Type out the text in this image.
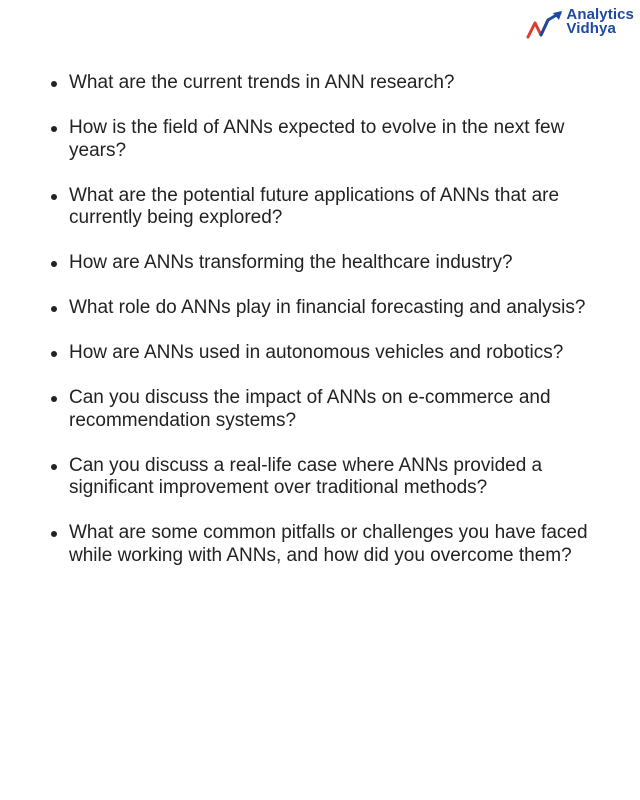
Analytics
Vidhya
What are the current trends in ANN research?
How is the field of ANNs expected to evolve in the next few years?
What are the potential future applications of ANNs that are currently being explored?
How are ANNs transforming the healthcare industry?
What role do ANNs play in financial forecasting and analysis?
How are ANNs used in autonomous vehicles and robotics?
Can you discuss the impact of ANNs on e-commerce and recommendation systems?
Can you discuss a real-life case where ANNs provided a significant improvement over traditional methods?
What are some common pitfalls or challenges you have faced while working with ANNs, and how did you overcome them?
